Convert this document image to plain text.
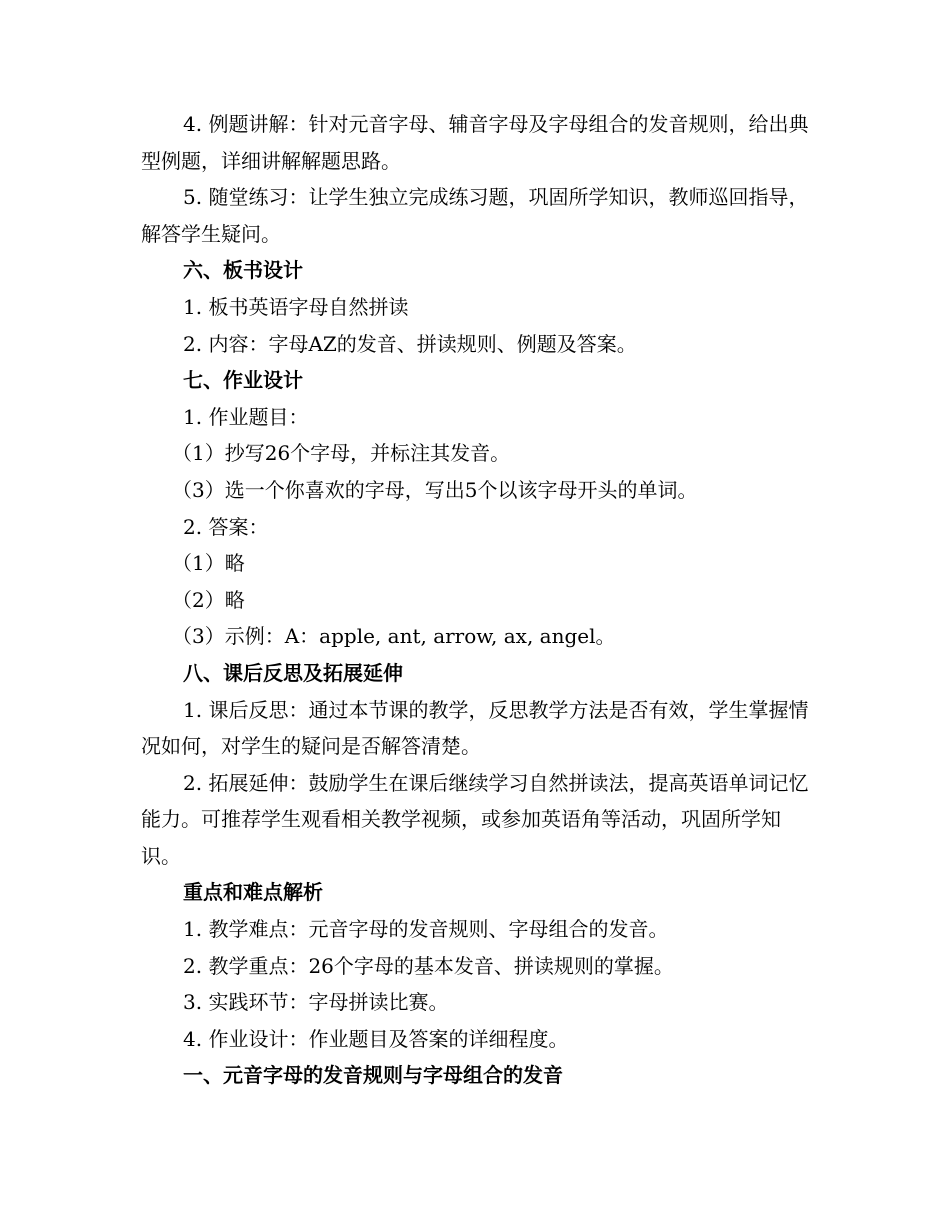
4. 例题讲解：针对元音字母、辅音字母及字母组合的发音规则，给出典型例题，详细讲解解题思路。

5. 随堂练习：让学生独立完成练习题，巩固所学知识，教师巡回指导，解答学生疑问。

六、板书设计

1. 板书英语字母自然拼读

2. 内容：字母AZ的发音、拼读规则、例题及答案。

七、作业设计

1. 作业题目：

（1）抄写26个字母，并标注其发音。

（3）选一个你喜欢的字母，写出5个以该字母开头的单词。

2. 答案：

（1）略

（2）略

（3）示例：A：apple, ant, arrow, ax, angel。

八、课后反思及拓展延伸

1. 课后反思：通过本节课的教学，反思教学方法是否有效，学生掌握情况如何，对学生的疑问是否解答清楚。

2. 拓展延伸：鼓励学生在课后继续学习自然拼读法，提高英语单词记忆能力。可推荐学生观看相关教学视频，或参加英语角等活动，巩固所学知识。

重点和难点解析

1. 教学难点：元音字母的发音规则、字母组合的发音。

2. 教学重点：26个字母的基本发音、拼读规则的掌握。

3. 实践环节：字母拼读比赛。

4. 作业设计：作业题目及答案的详细程度。

一、元音字母的发音规则与字母组合的发音
